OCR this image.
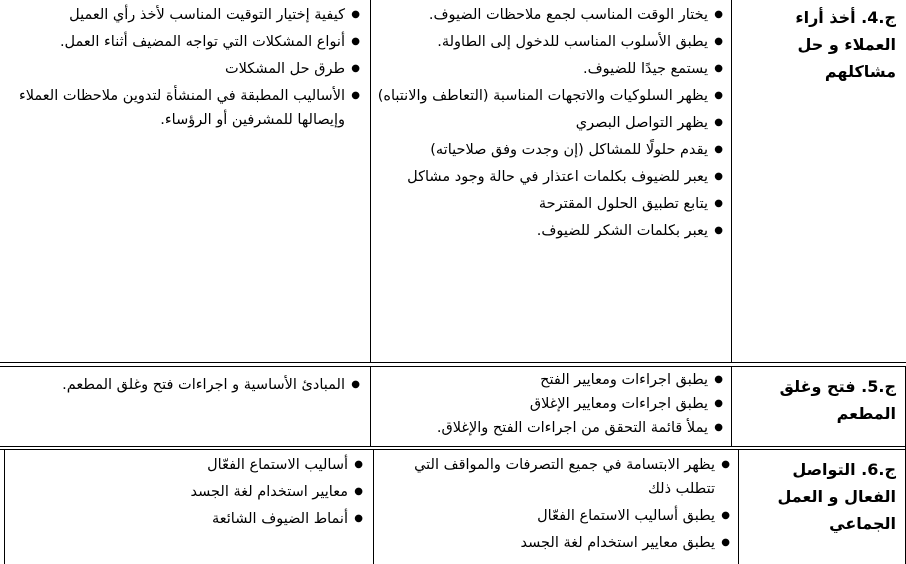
ج.4. أخذ أراء العملاء و حل مشاكلهم
● يختار الوقت المناسب لجمع ملاحظات الضيوف.
● يطبق الأسلوب المناسب للدخول إلى الطاولة.
● يستمع جيدًا للضيوف.
● يظهر السلوكيات والاتجهات المناسبة (التعاطف والانتباه)
● يظهر التواصل البصري
● يقدم حلولًا للمشاكل (إن وجدت وفق صلاحياته)
● يعبر للضيوف بكلمات اعتذار في حالة وجود مشاكل
● يتابع تطبيق الحلول المقترحة
● يعبر بكلمات الشكر للضيوف.
● كيفية إختيار التوقيت المناسب لأخذ رأي العميل
● أنواع المشكلات التي تواجه المضيف أثناء العمل.
● طرق حل المشكلات
● الأساليب المطبقة في المنشأة لتدوين ملاحظات العملاء وإيصالها للمشرفين أو الرؤساء.
ج.5. فتح وغلق المطعم
● يطبق اجراءات ومعايير الفتح
● يطبق اجراءات ومعايير الإغلاق
● يملأ قائمة التحقق من اجراءات الفتح والإغلاق.
● المبادئ الأساسية و اجراءات فتح وغلق المطعم.
ج.6. التواصل الفعال و العمل الجماعي
● يظهر الابتسامة في جميع التصرفات والمواقف التي تتطلب ذلك
● يطبق أساليب الاستماع الفعّال
● يطبق معايير استخدام لغة الجسد
● أساليب الاستماع الفعّال
● معايير استخدام لغة الجسد
● أنماط الضيوف الشائعة
